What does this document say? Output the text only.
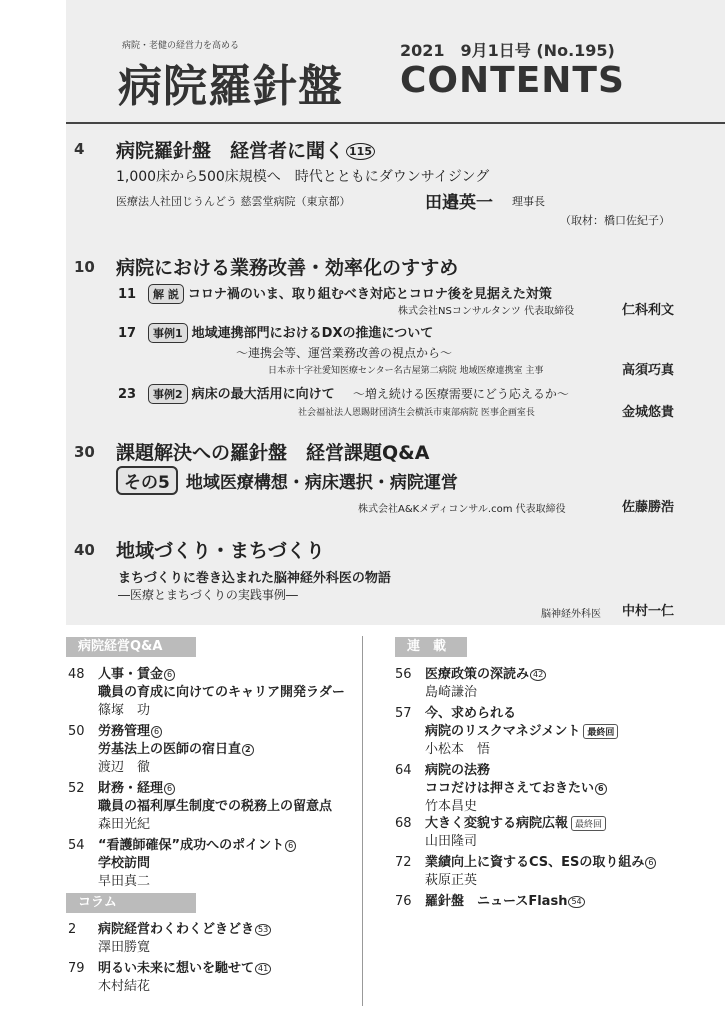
病院・老健の経営力を高める
病院羅針盤
2021　9月1日号 (No.195)
CONTENTS
4 病院羅針盤　経営者に聞く 115
1,000床から500床規模へ　時代とともにダウンサイジング
医療法人社団じうんどう 慈雲堂病院（東京都）	田邉英一 理事長
（取材：橋口佐紀子）
10 病院における業務改善・効率化のすすめ
11 解 説 コロナ禍のいま、取り組むべき対応とコロナ後を見据えた対策
株式会社NSコンサルタンツ 代表取締役	仁科利文
17 事例1 地域連携部門におけるDXの推進について
～連携会等、運営業務改善の視点から～
日本赤十字社愛知医療センター名古屋第二病院 地域医療連携室 主事	高須巧真
23 事例2 病床の最大活用に向けて ～増え続ける医療需要にどう応えるか～
社会福祉法人恩賜財団済生会横浜市東部病院 医事企画室長	金城悠貴
30 課題解決への羅針盤　経営課題Q&A
その5 地域医療構想・病床選択・病院運営
株式会社A&Kメディコンサル.com 代表取締役	佐藤勝浩
40 地域づくり・まちづくり
まちづくりに巻き込まれた脳神経外科医の物語
―医療とまちづくりの実践事例―
脳神経外科医 中村一仁
病院経営Q&A
48 人事・賃金 6
職員の育成に向けてのキャリア開発ラダー
篠塚　功
50 労務管理 6
労基法上の医師の宿日直 2
渡辺　徹
52 財務・経理 6
職員の福利厚生制度での税務上の留意点
森田光紀
54 “看護師確保”成功へのポイント 6
学校訪問
早田真二
コラム
2 病院経営わくわくどきどき 53
澤田勝寛
79 明るい未来に想いを馳せて 41
木村結花
連　載
56 医療政策の深読み 42
島崎謙治
57 今、求められる
病院のリスクマネジメント 最終回
小松本　悟
64 病院の法務
ココだけは押さえておきたい 6
竹本昌史
68 大きく変貌する病院広報 最終回
山田隆司
72 業績向上に資するCS、ESの取り組み 6
萩原正英
76 羅針盤　ニュースFlash 54
